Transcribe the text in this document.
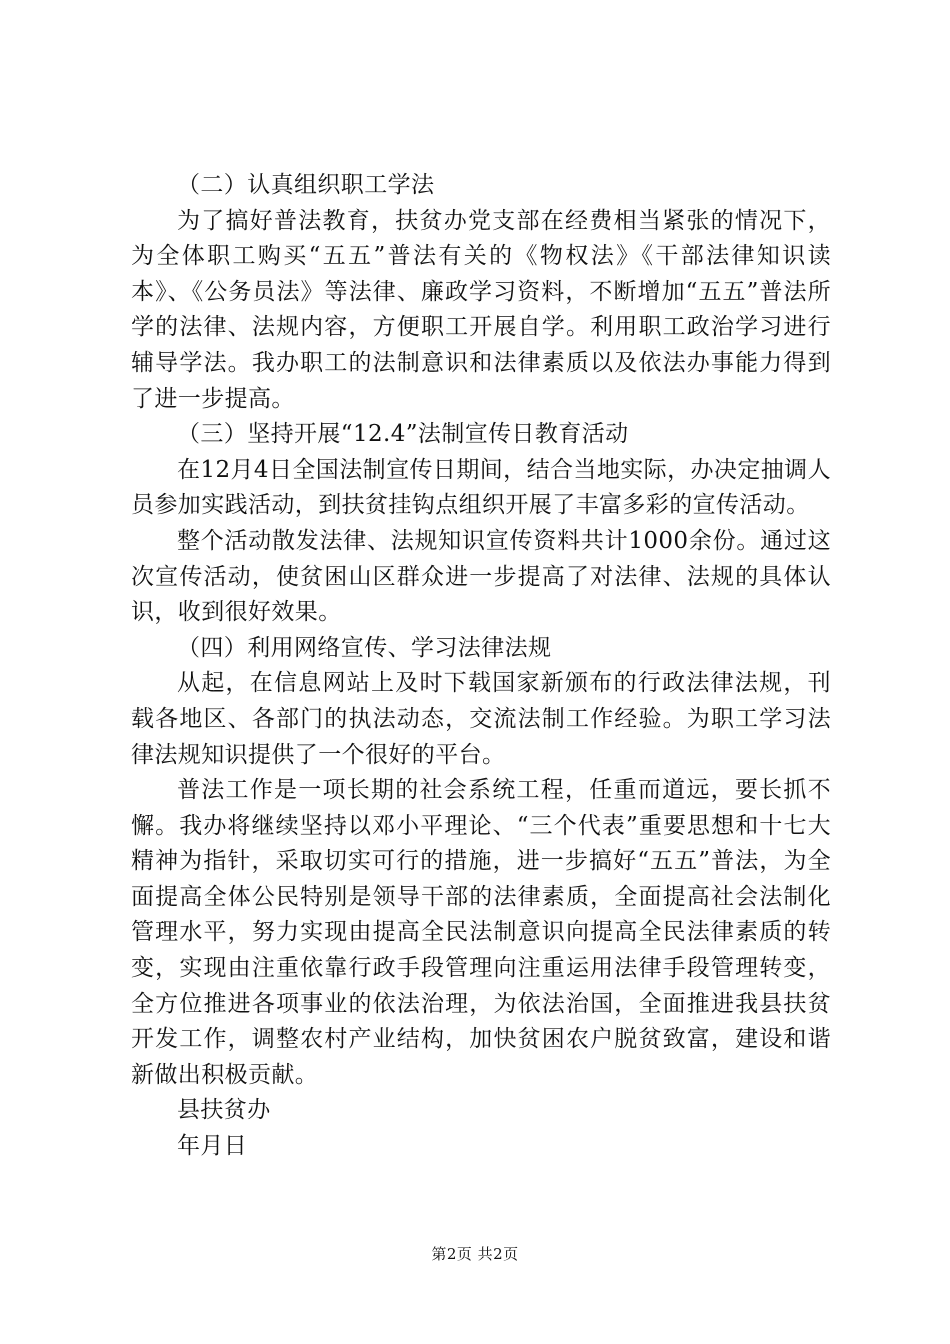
（二）认真组织职工学法

为了搞好普法教育，扶贫办党支部在经费相当紧张的情况下，为全体职工购买“五五”普法有关的《物权法》《干部法律知识读本》、《公务员法》等法律、廉政学习资料，不断增加“五五”普法所学的法律、法规内容，方便职工开展自学。利用职工政治学习进行辅导学法。我办职工的法制意识和法律素质以及依法办事能力得到了进一步提高。

（三）坚持开展“12.4”法制宣传日教育活动

在12月4日全国法制宣传日期间，结合当地实际，办决定抽调人员参加实践活动，到扶贫挂钩点组织开展了丰富多彩的宣传活动。

整个活动散发法律、法规知识宣传资料共计1000余份。通过这次宣传活动，使贫困山区群众进一步提高了对法律、法规的具体认识，收到很好效果。

（四）利用网络宣传、学习法律法规

从起，在信息网站上及时下载国家新颁布的行政法律法规，刊载各地区、各部门的执法动态，交流法制工作经验。为职工学习法律法规知识提供了一个很好的平台。

普法工作是一项长期的社会系统工程，任重而道远，要长抓不懈。我办将继续坚持以邓小平理论、“三个代表”重要思想和十七大精神为指针，采取切实可行的措施，进一步搞好“五五”普法，为全面提高全体公民特别是领导干部的法律素质，全面提高社会法制化管理水平，努力实现由提高全民法制意识向提高全民法律素质的转变，实现由注重依靠行政手段管理向注重运用法律手段管理转变，全方位推进各项事业的依法治理，为依法治国，全面推进我县扶贫开发工作，调整农村产业结构，加快贫困农户脱贫致富，建设和谐新做出积极贡献。

县扶贫办

年月日

第2页 共2页
